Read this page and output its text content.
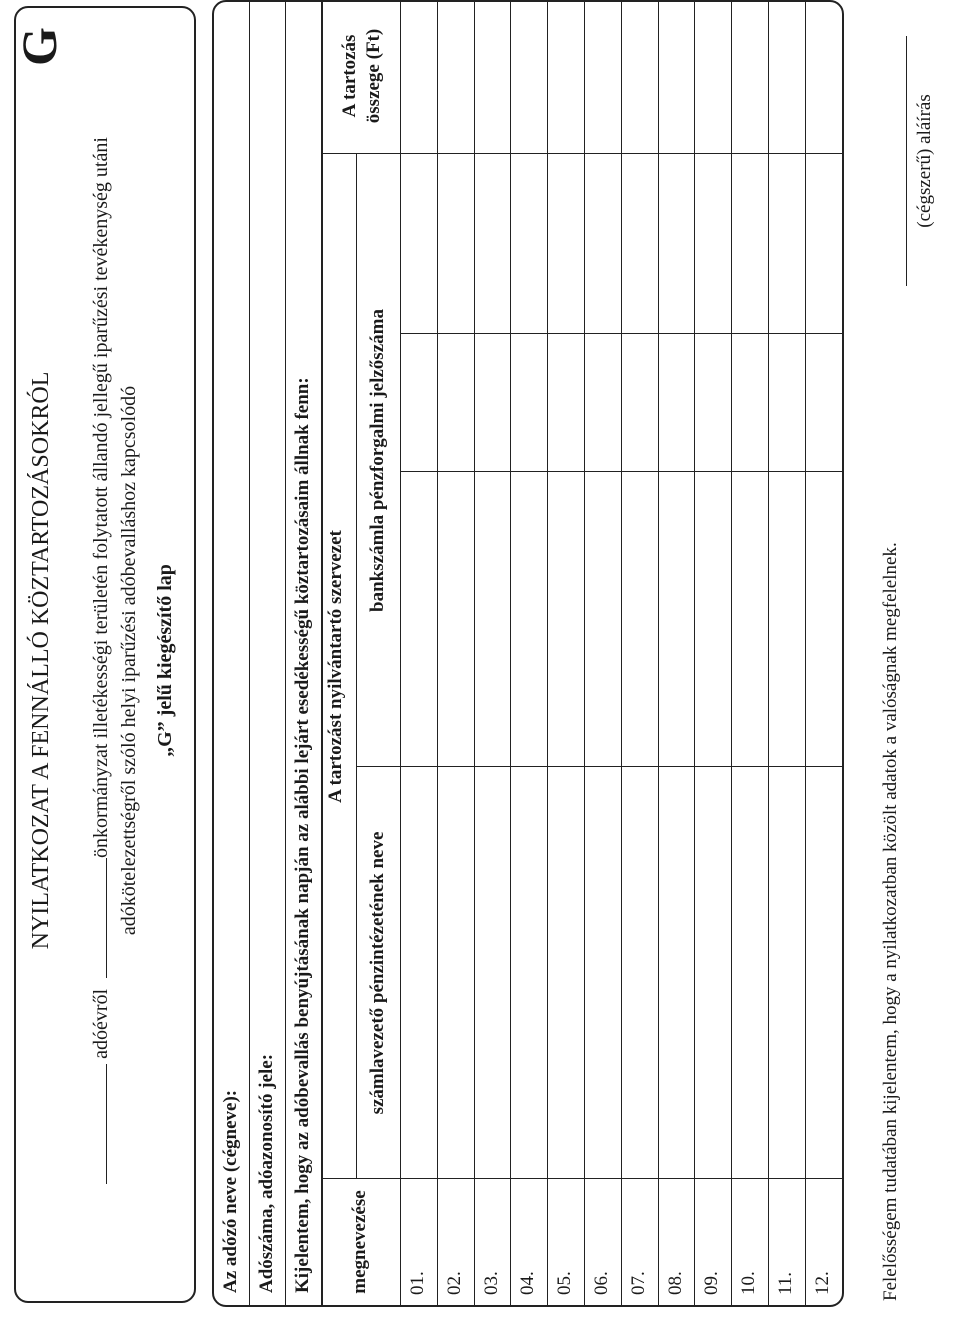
G
NYILATKOZAT A FENNÁLLÓ KÖZTARTOZÁSOKRÓL
adóévről önkormányzat illetékességi területén folytatott állandó jellegű iparűzési tevékenység utáni adókötelezettségről szóló helyi iparűzési adóbevalláshoz kapcsolódó „G” jelű kiegészítő lap
Az adózó neve (cégneve): Adószáma, adóazonosító jele: Kijelentem, hogy az adóbevallás benyújtásának napján az alábbi lejárt esedékességű köztartozásaim állnak fenn: A tartozást nyilvántartó szervezet
megnevezése
számlavezető pénzintézetének neve
bankszámla pénzforgalmi jelzőszáma
A tartozás összege (Ft)
01. 02. 03. 04. 05. 06. 07. 08. 09. 10. 11. 12. Felelősségem tudatában kijelentem, hogy a nyilatkozatban közölt adatok a valóságnak megfelelnek.
(cégszerű) aláírás
